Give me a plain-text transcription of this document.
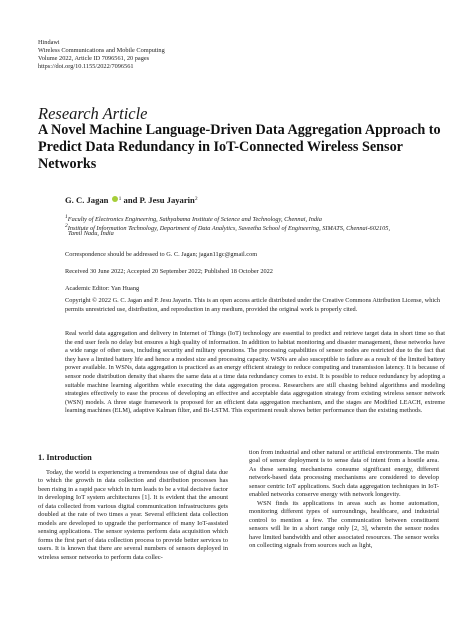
Hindawi
Wireless Communications and Mobile Computing
Volume 2022, Article ID 7096561, 20 pages
https://doi.org/10.1155/2022/7096561
Research Article
A Novel Machine Language-Driven Data Aggregation Approach to Predict Data Redundancy in IoT-Connected Wireless Sensor Networks
G. C. Jagan $^1$ and P. Jesu Jayarin$^2$
1Faculty of Electronics Engineering, Sathyabama Institute of Science and Technology, Chennai, India
2Institute of Information Technology, Department of Data Analytics, Saveetha School of Engineering, SIMATS, Chennai-602105,
Tamil Nadu, India
Correspondence should be addressed to G. C. Jagan; jagan11gc@gmail.com
Received 30 June 2022; Accepted 20 September 2022; Published 18 October 2022
Academic Editor: Yan Huang
Copyright © 2022 G. C. Jagan and P. Jesu Jayarin. This is an open access article distributed under the Creative Commons Attribution License, which permits unrestricted use, distribution, and reproduction in any medium, provided the original work is properly cited.
Real world data aggregation and delivery in Internet of Things (IoT) technology are essential to predict and retrieve target data in short time so that the end user feels no delay but ensures a high quality of information. In addition to habitat monitoring and disaster management, these networks have a wide range of other uses, including security and military operations. The processing capabilities of sensor nodes are restricted due to the fact that they have a limited battery life and hence a modest size and processing capacity. WSNs are also susceptible to failure as a result of the limited battery power available. In WSNs, data aggregation is practiced as an energy efficient strategy to reduce computing and transmission latency. It is because of sensor node distribution density that shares the same data at a time data redundancy comes to exist. It is possible to reduce redundancy by adopting a suitable machine learning algorithm while executing the data aggregation process. Researchers are still chasing behind algorithms and modeling strategies effectively to ease the process of developing an effective and acceptable data aggregation strategy from existing wireless sensor network (WSN) models. A three stage framework is proposed for an efficient data aggregation mechanism, and the stages are Modified LEACH, extreme learning machines (ELM), adaptive Kalman filter, and Bi-LSTM. This experiment result shows better performance than the existing methods.
1. Introduction
Today, the world is experiencing a tremendous use of digital data due to which the growth in data collection and distribution processes has been rising in a rapid pace which in turn leads to be a vital decisive factor in developing IoT system architectures [1]. It is evident that the amount of data collected from various digital communication infrastructures gets doubled at the rate of two times a year. Several efficient data collection models are developed to upgrade the performance of many IoT-assisted sensing applications. The sensor systems perform data acquisition which forms the first part of data collection process to provide better services to users. It is known that there are several numbers of sensors deployed in wireless sensor networks to perform data collec-
tion from industrial and other natural or artificial environments. The main goal of sensor deployment is to sense data of intent from a hostile area. As these sensing mechanisms consume significant energy, different network-based data processing mechanisms are considered to develop sensor centric IoT applications. Such data aggregation techniques in IoT-enabled networks conserve energy with network longevity.
WSN finds its applications in areas such as home automation, monitoring different types of surroundings, healthcare, and industrial control to mention a few. The communication between constituent sensors will lie in a short range only [2, 3], wherein the sensor nodes have limited bandwidth and other associated resources. The sensor works on collecting signals from sources such as light,
